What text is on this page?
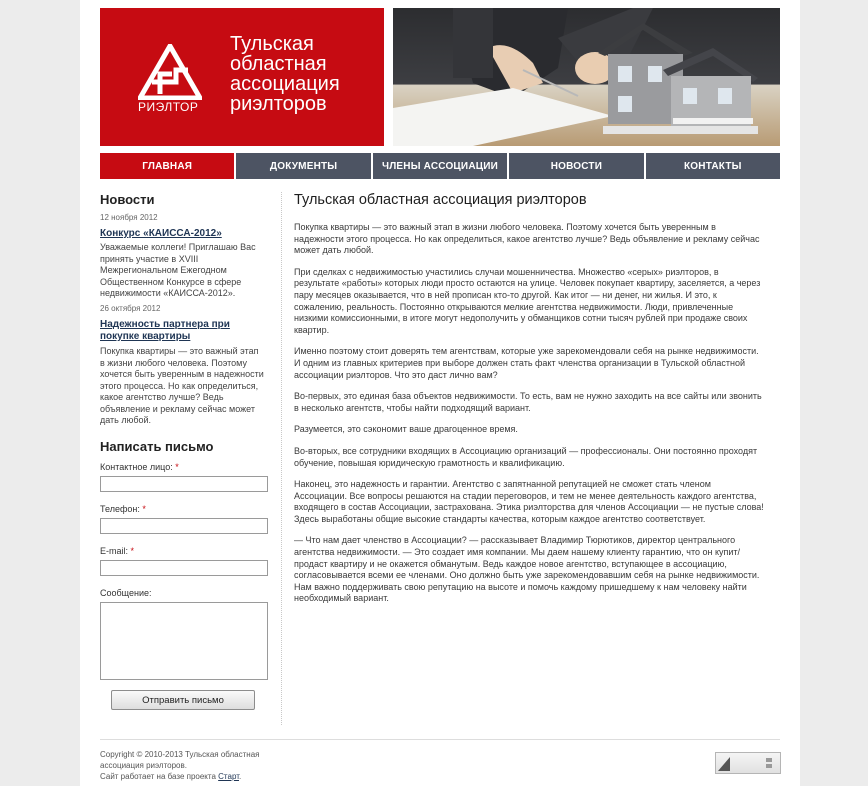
РИЭЛТОР
Тульская
областная
ассоциация
риэлторов
ГЛАВНАЯ	ДОКУМЕНТЫ	ЧЛЕНЫ АССОЦИАЦИИ	НОВОСТИ	КОНТАКТЫ
Новости
12 ноября 2012
Конкурс «КАИССА-2012»
Уважаемые коллеги! Приглашаю Вас принять участие в XVIII Межрегиональном Ежегодном Общественном Конкурсе в сфере недвижимости «КАИССА-2012».
26 октября 2012
Надежность партнера при покупке квартиры
Покупка квартиры — это важный этап в жизни любого человека. Поэтому хочется быть уверенным в надежности этого процесса. Но как определиться, какое агентство лучше? Ведь объявление и рекламу сейчас может дать любой.
Написать письмо
Контактное лицо: *
Телефон: *
E-mail: *
Сообщение:
Отправить письмо
Тульская областная ассоциация риэлторов

Покупка квартиры — это важный этап в жизни любого человека. Поэтому хочется быть уверенным в надежности этого процесса. Но как определиться, какое агентство лучше? Ведь объявление и рекламу сейчас может дать любой.

При сделках с недвижимостью участились случаи мошенничества. Множество «серых» риэлторов, в результате «работы» которых люди просто остаются на улице. Человек покупает квартиру, заселяется, а через пару месяцев оказывается, что в ней прописан кто-то другой. Как итог — ни денег, ни жилья. И это, к сожалению, реальность. Постоянно открываются мелкие агентства недвижимости. Люди, привлеченные низкими комиссионными, в итоге могут недополучить у обманщиков сотни тысяч рублей при продаже своих квартир.

Именно поэтому стоит доверять тем агентствам, которые уже зарекомендовали себя на рынке недвижимости. И одним из главных критериев при выборе должен стать факт членства организации в Тульской областной ассоциации риэлторов. Что это даст лично вам?

Во-первых, это единая база объектов недвижимости. То есть, вам не нужно заходить на все сайты или звонить в несколько агентств, чтобы найти подходящий вариант.

Разумеется, это сэкономит ваше драгоценное время.

Во-вторых, все сотрудники входящих в Ассоциацию организаций — профессионалы. Они постоянно проходят обучение, повышая юридическую грамотность и квалификацию.

Наконец, это надежность и гарантии. Агентство с запятнанной репутацией не сможет стать членом Ассоциации. Все вопросы решаются на стадии переговоров, и тем не менее деятельность каждого агентства, входящего в состав Ассоциации, застрахована. Этика риэлторства для членов Ассоциации — не пустые слова! Здесь выработаны общие высокие стандарты качества, которым каждое агентство соответствует.

— Что нам дает членство в Ассоциации? — рассказывает Владимир Тюрютиков, директор центрального агентства недвижимости. — Это создает имя компании. Мы даем нашему клиенту гарантию, что он купит/продаст квартиру и не окажется обманутым. Ведь каждое новое агентство, вступающее в ассоциацию, согласовывается всеми ее членами. Оно должно быть уже зарекомендовавшим себя на рынке недвижимости. Нам важно поддерживать свою репутацию на высоте и помочь каждому пришедшему к нам человеку найти необходимый вариант.

Copyright © 2010-2013 Тульская областная ассоциация риэлторов.
Сайт работает на базе проекта Старт.
